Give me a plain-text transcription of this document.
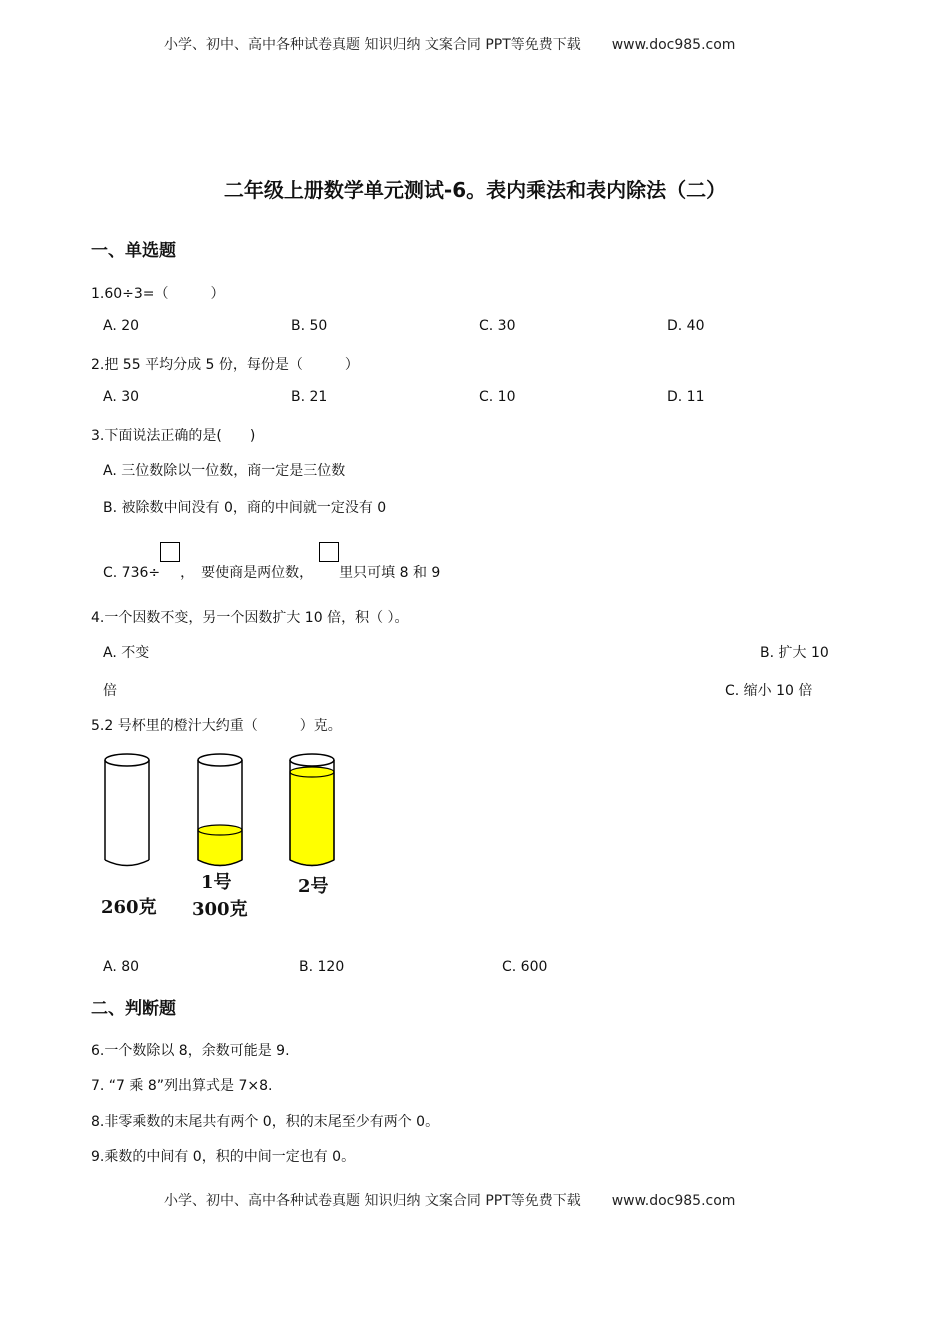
小学、初中、高中各种试卷真题 知识归纳 文案合同 PPT等免费下载 www.doc985.com
二年级上册数学单元测试-6。表内乘法和表内除法（二）
一、单选题
1.60÷3=（　　　）
A. 20	B. 50	C. 30	D. 40
2.把 55 平均分成 5 份，每份是（　　　）
A. 30	B. 21	C. 10	D. 11
3.下面说法正确的是(　　)
A. 三位数除以一位数，商一定是三位数
B. 被除数中间没有 0，商的中间就一定没有 0
C. 736÷ ，　要使商是两位数， 里只可填 8 和 9
4.一个因数不变，另一个因数扩大 10 倍，积（ ）。
A. 不变	B. 扩大 10
倍	C. 缩小 10 倍
5.2 号杯里的橙汁大约重（　　　）克。
260克
1号
300克
2号
A. 80	B. 120	C. 600
二、判断题
6.一个数除以 8，余数可能是 9.
7. “7 乘 8”列出算式是 7×8.
8.非零乘数的末尾共有两个 0，积的末尾至少有两个 0。
9.乘数的中间有 0，积的中间一定也有 0。
小学、初中、高中各种试卷真题 知识归纳 文案合同 PPT等免费下载 www.doc985.com
